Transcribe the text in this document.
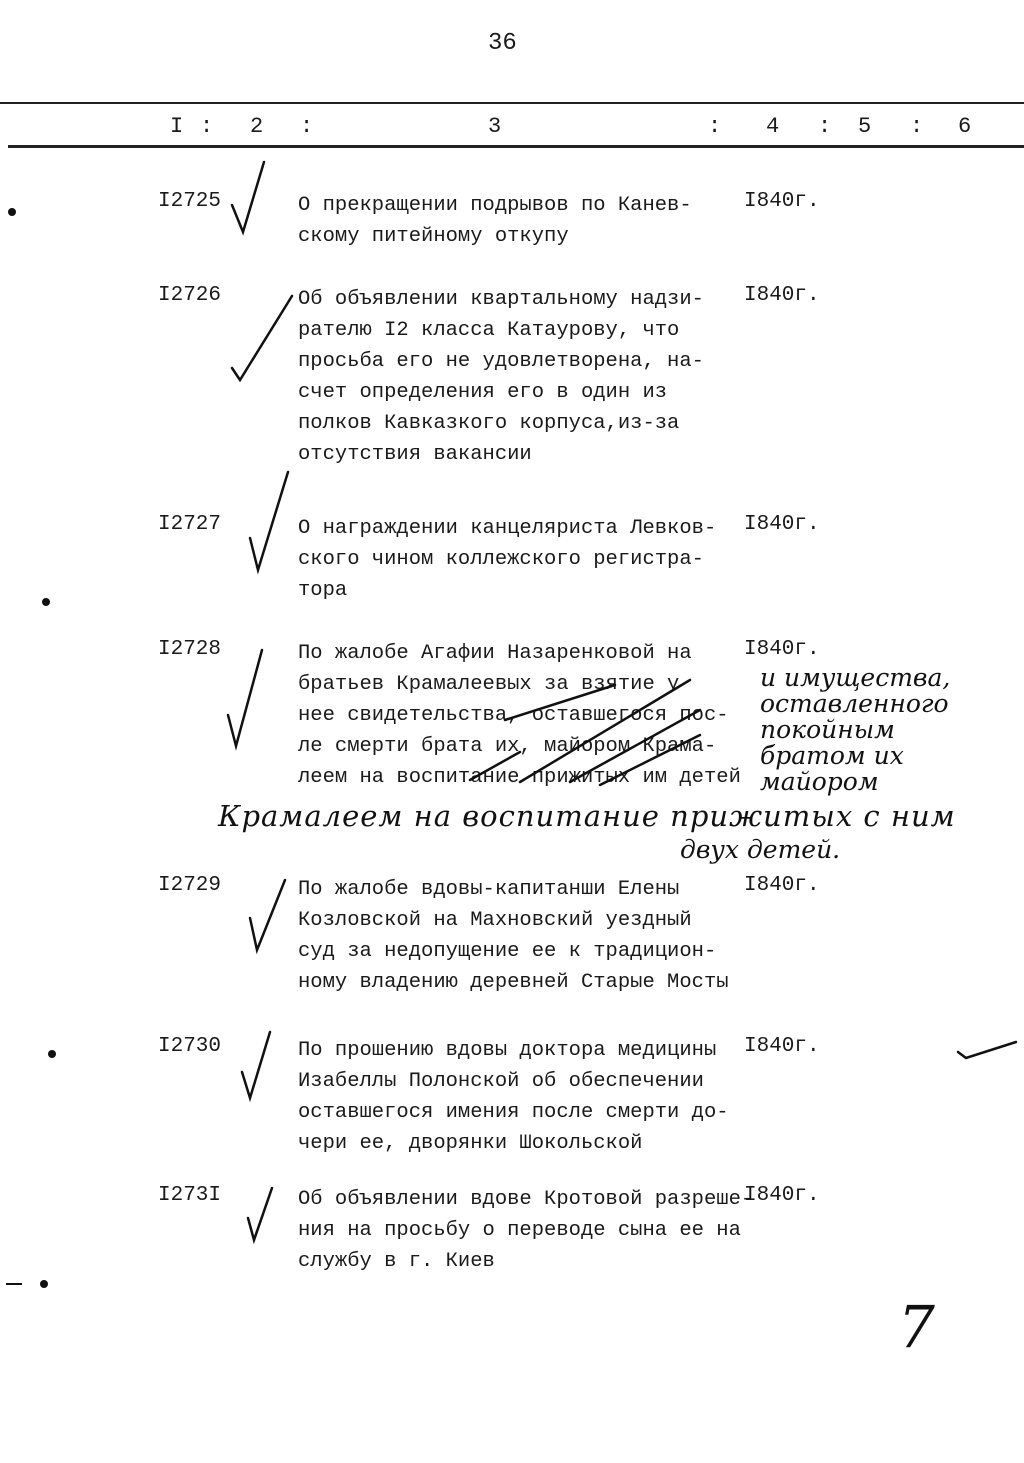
36
I : 2 :	3	: 4 : 5 : 6
I2725	О прекращении подрывов по Канев-
скому питейному откупу
I840г.
I2726	Об объявлении квартальному надзи-
рателю I2 класса Катаурову, что
просьба его не удовлетворена, на-
счет определения его в один из
полков Кавказкого корпуса,из-за
отсутствия вакансии
I840г.
I2727	О награждении канцеляриста Левков-
ского чином коллежского регистра-
тора
I840г.
I2728	По жалобе Агафии Назаренковой на
братьев Крамалеевых за взятие у
нее свидетельства, оставшегося пос-
ле смерти брата их, майором Крама-
леем на воспитание прижитых им детей
I840г.
I2729	По жалобе вдовы-капитанши Елены
Козловской на Махновский уездный
суд за недопущение ее к традицион-
ному владению деревней Старые Мосты
I840г.
I2730	По прошению вдовы доктора медицины
Изабеллы Полонской об обеспечении
оставшегося имения после смерти до-
чери ее, дворянки Шокольской
I840г.
I273I	Об объявлении вдове Кротовой разреше-
ния на просьбу о переводе сына ее на
службу в г. Киев
I840г.
и имущества,
оставленного
покойным
братом их
майором
Крамалеем на воспитание прижитых с ним
двух детей.
7
